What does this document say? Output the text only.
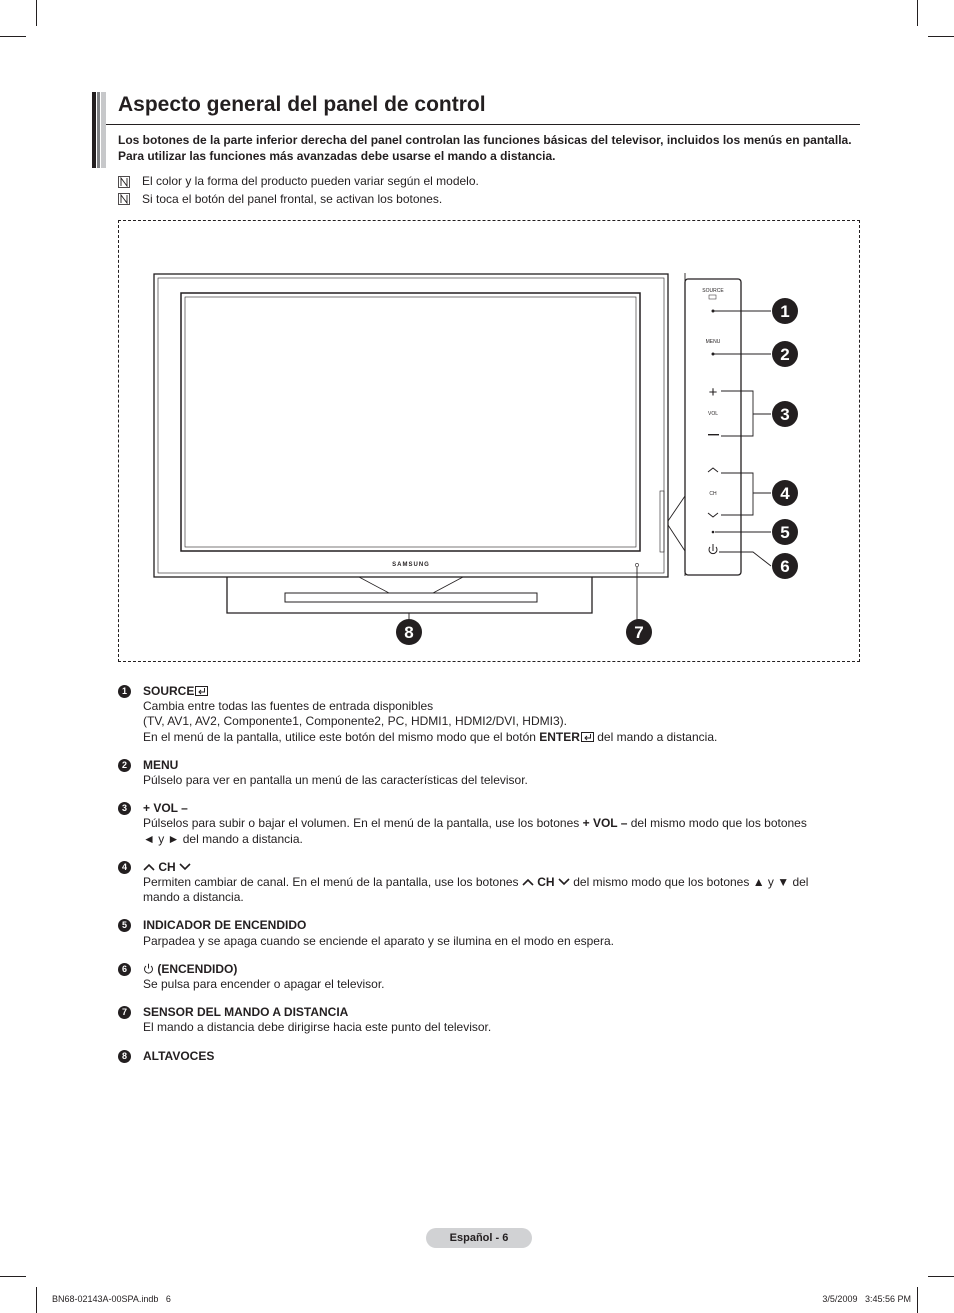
Aspecto general del panel de control
Los botones de la parte inferior derecha del panel controlan las funciones básicas del televisor, incluidos los menús en pantalla.
Para utilizar las funciones más avanzadas debe usarse el mando a distancia.
El color y la forma del producto pueden variar según el modelo.
Si toca el botón del panel frontal, se activan los botones.
SAMSUNG
SOURCE
MENU
+
VOL
CH
1
2
3
4
5
6
7
8
1	SOURCE
Cambia entre todas las fuentes de entrada disponibles
(TV, AV1, AV2, Componente1, Componente2, PC, HDMI1, HDMI2/DVI, HDMI3).
En el menú de la pantalla, utilice este botón del mismo modo que el botón ENTER del mando a distancia.
2	MENU
Púlselo para ver en pantalla un menú de las características del televisor.
3	+ VOL –
Púlselos para subir o bajar el volumen. En el menú de la pantalla, use los botones + VOL – del mismo modo que los botones
◄ y ► del mando a distancia.
4	CH
Permiten cambiar de canal. En el menú de la pantalla, use los botones  CH  del mismo modo que los botones ▲ y ▼ del
mando a distancia.
5	INDICADOR DE ENCENDIDO
Parpadea y se apaga cuando se enciende el aparato y se ilumina en el modo en espera.
6	(ENCENDIDO)
Se pulsa para encender o apagar el televisor.
7	SENSOR DEL MANDO A DISTANCIA
El mando a distancia debe dirigirse hacia este punto del televisor.
8	ALTAVOCES
Español - 6
BN68-02143A-00SPA.indb   6	3/5/2009   3:45:56 PM
